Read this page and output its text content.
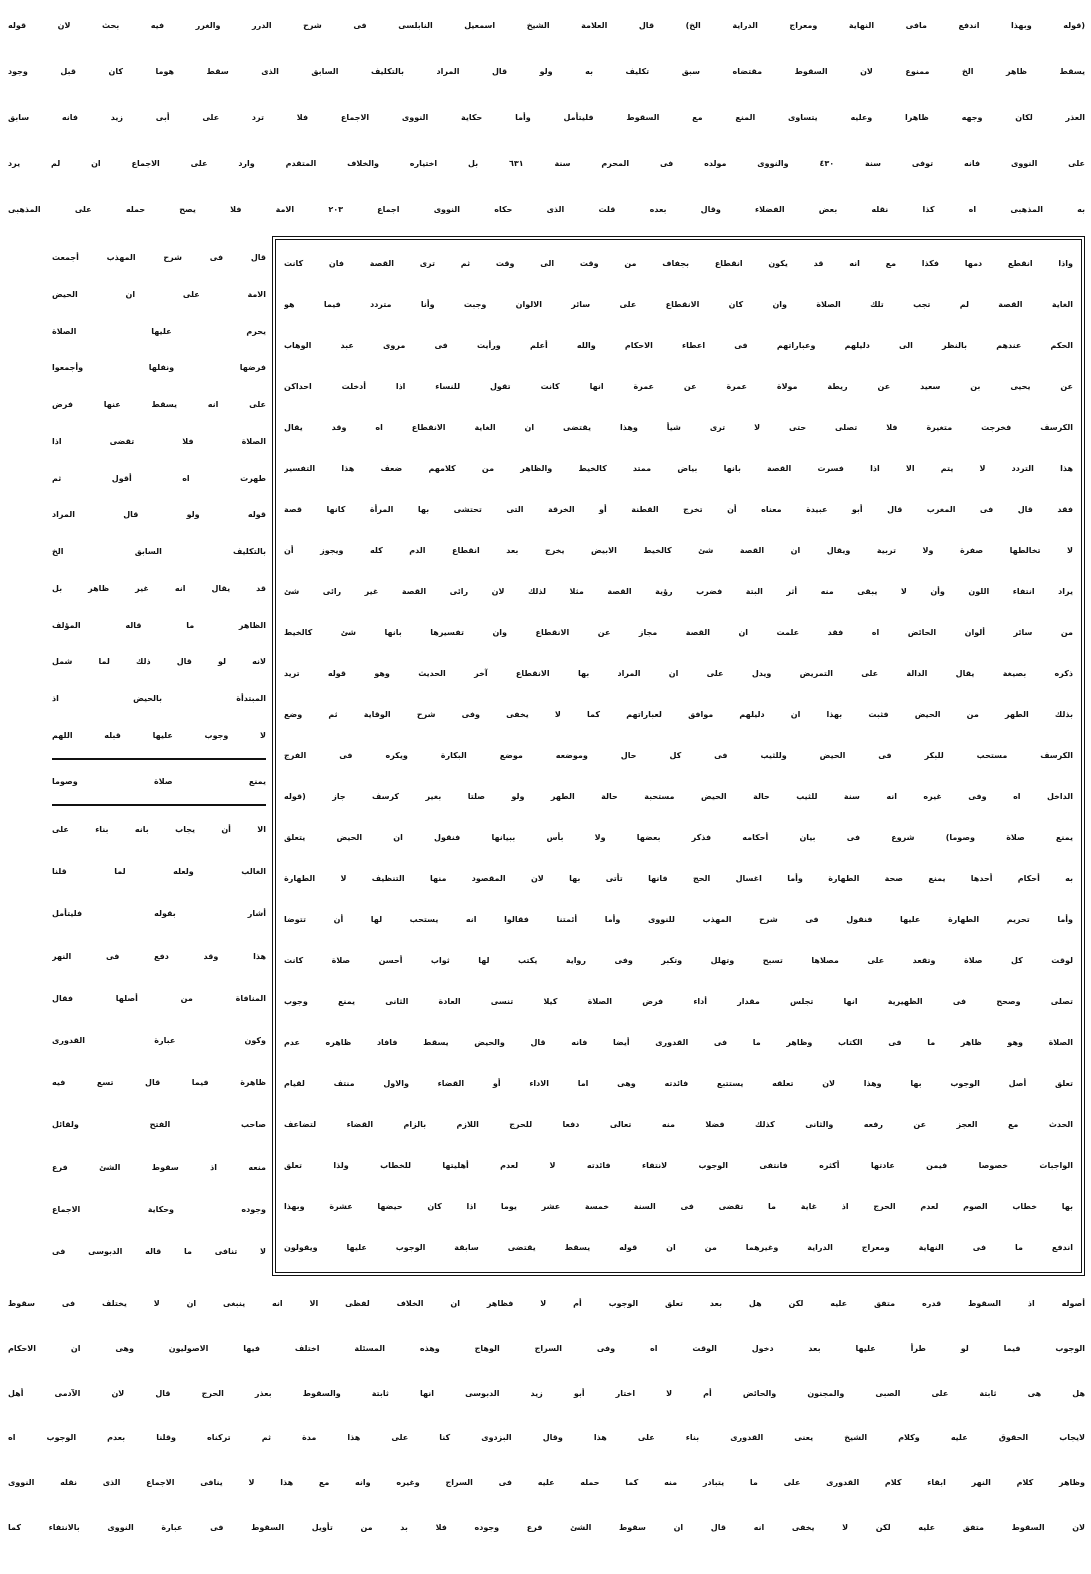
(قوله وبهذا اندفع مافى النهاية ومعراج الدراية الخ) قال العلامة الشيخ اسمعيل النابلسى فى شرح الدرر والغرر فيه بحث لان قوله
يسقط ظاهر الخ ممنوع لان السقوط مقتضاه سبق تكليف به ولو قال المراد بالتكليف السابق الذى سقط هوما كان قبل وجود
العذر لكان وجهه ظاهرا وعليه يتساوى المنع مع السقوط فليتأمل وأما حكاية النووى الاجماع فلا ترد على أبى زيد فانه سابق
على النووى فانه توفى سنة ٤٣٠ والنووى مولده فى المحرم سنة ٦٣١ بل اختياره والخلاف المتقدم وارد على الاجماع ان لم يرد
به المذهبى اه كذا نقله بعض الفضلاء وقال بعده قلت الذى حكاه النووى اجماع ٢٠٣ الامة فلا يصح حمله على المذهبى
واذا انقطع دمها فكذا مع انه قد يكون انقطاع بجفاف من وقت الى وقت ثم ترى القصة فان كانت
الغاية القصة لم تجب تلك الصلاة وان كان الانقطاع على سائر الالوان وجبت وأنا متردد فيما هو
الحكم عندهم بالنظر الى دليلهم وعباراتهم فى اعطاء الاحكام والله أعلم ورأيت فى مروى عبد الوهاب
عن يحيى بن سعيد عن ريطة مولاة عمرة عن عمرة انها كانت تقول للنساء اذا أدخلت احداكن
الكرسف فخرجت متغيرة فلا تصلى حتى لا ترى شيأ وهذا يقتضى ان الغاية الانقطاع اه وقد يقال
هذا التردد لا يتم الا اذا فسرت القصة بانها بياض ممتد كالخيط والظاهر من كلامهم ضعف هذا التفسير
فقد قال فى المغرب قال أبو عبيدة معناه أن تخرج القطنة أو الخرقة التى تحتشى بها المرأة كانها قصة
لا تخالطها صفرة ولا تربية ويقال ان القصة شئ كالخيط الابيض يخرج بعد انقطاع الدم كله ويجوز أن
يراد انتفاء اللون وأن لا يبقى منه أثر البتة فضرب رؤية القصة مثلا لذلك لان رائى القصة غير رائى شئ
من سائر ألوان الحائض اه فقد علمت ان القصة مجاز عن الانقطاع وان تفسيرها بانها شئ كالخيط
ذكره بصيغة يقال الدالة على التمريض ويدل على ان المراد بها الانقطاع آخر الحديث وهو قوله تريد
بذلك الطهر من الحيض فثبت بهذا ان دليلهم موافق لعباراتهم كما لا يخفى وفى شرح الوقاية ثم وضع
الكرسف مستحب للبكر فى الحيض وللثيب فى كل حال وموضعه موضع البكارة ويكره فى الفرج
الداخل اه وفى غيره انه سنة للثيب حالة الحيض مستحبة حالة الطهر ولو صلتا بغير كرسف جاز (قوله
يمنع صلاة وصوما) شروع فى بيان أحكامه فذكر بعضها ولا بأس ببيانها فنقول ان الحيض يتعلق
به أحكام أحدها يمنع صحة الطهارة وأما اغسال الحج فانها تأتى بها لان المقصود منها التنظيف لا الطهارة
وأما تحريم الطهارة عليها فنقول فى شرح المهذب للنووى وأما أئمتنا فقالوا انه يستحب لها أن تتوضا
لوقت كل صلاة وتقعد على مصلاها تسبح وتهلل وتكبر وفى رواية يكتب لها ثواب أحسن صلاة كانت
تصلى وصحح فى الظهيرية انها تجلس مقدار أداء فرض الصلاة كيلا تنسى العادة الثانى يمنع وجوب
الصلاة وهو ظاهر ما فى الكتاب وظاهر ما فى القدورى أيضا فانه قال والحيض يسقط فافاد ظاهره عدم
تعلق أصل الوجوب بها وهذا لان تعلقه يستتبع فائدته وهى اما الاداء أو القضاء والاول منتف لقيام
الحدث مع العجز عن رفعه والثانى كذلك فضلا منه تعالى دفعا للحرج اللازم بالزام القضاء لتضاعف
الواجبات خصوصا فيمن عادتها أكثره فانتفى الوجوب لانتفاء فائدته لا لعدم أهليتها للخطاب ولذا تعلق
بها خطاب الصوم لعدم الحرج اذ غاية ما تقضى فى السنة خمسة عشر يوما اذا كان حيضها عشرة وبهذا
اندفع ما فى النهاية ومعراج الدراية وغيرهما من ان قوله يسقط يقتضى سابقة الوجوب عليها ويقولون
قال فى شرح المهذب أجمعت
الامة على ان الحيض
يحرم عليها الصلاة
فرضها ونفلها وأجمعوا
على انه يسقط عنها فرض
الصلاة فلا تقضى اذا
طهرت اه أقول ثم
قوله ولو قال المراد
بالتكليف السابق الخ
قد يقال انه غير ظاهر بل
الظاهر ما قاله المؤلف
لانه لو قال ذلك لما شمل
المبتدأة بالحيض اذ
لا وجوب عليها قبله اللهم
يمنع صلاة وصوما
الا أن يجاب بانه بناء على
الغالب ولعله لما قلنا
أشار بقوله فليتأمل
هذا وقد دفع فى النهر
المنافاة من أصلها فقال
وكون عبارة القدورى
ظاهرة فيما قال تسع فيه
صاحب الفتح ولقائل
منعه اذ سقوط الشئ فرع
وجوده وحكاية الاجماع
لا تنافى ما قاله الدبوسى فى
أصوله اذ السقوط قدره متفق عليه لكن هل بعد تعلق الوجوب أم لا فظاهر ان الخلاف لفظى الا انه ينبغى ان لا يختلف فى سقوط
الوجوب فيما لو طرأ عليها بعد دخول الوقت اه وفى السراج الوهاج وهذه المسئلة اختلف فيها الاصوليون وهى ان الاحكام
هل هى ثابتة على الصبى والمجنون والحائض أم لا اختار أبو زيد الدبوسى انها ثابتة والسقوط بعذر الحرج قال لان الآدمى أهل
لايجاب الحقوق عليه وكلام الشيخ يعنى القدورى بناء على هذا وقال البزدوى كنا على هذا مدة ثم تركناه وقلنا بعدم الوجوب اه
وظاهر كلام النهر ابقاء كلام القدورى على ما يتبادر منه كما حمله عليه فى السراج وغيره وانه مع هذا لا ينافى الاجماع الذى نقله النووى
لان السقوط متفق عليه لكن لا يخفى انه قال ان سقوط الشئ فرع وجوده فلا بد من تأويل السقوط فى عبارة النووى بالانتفاء كما
